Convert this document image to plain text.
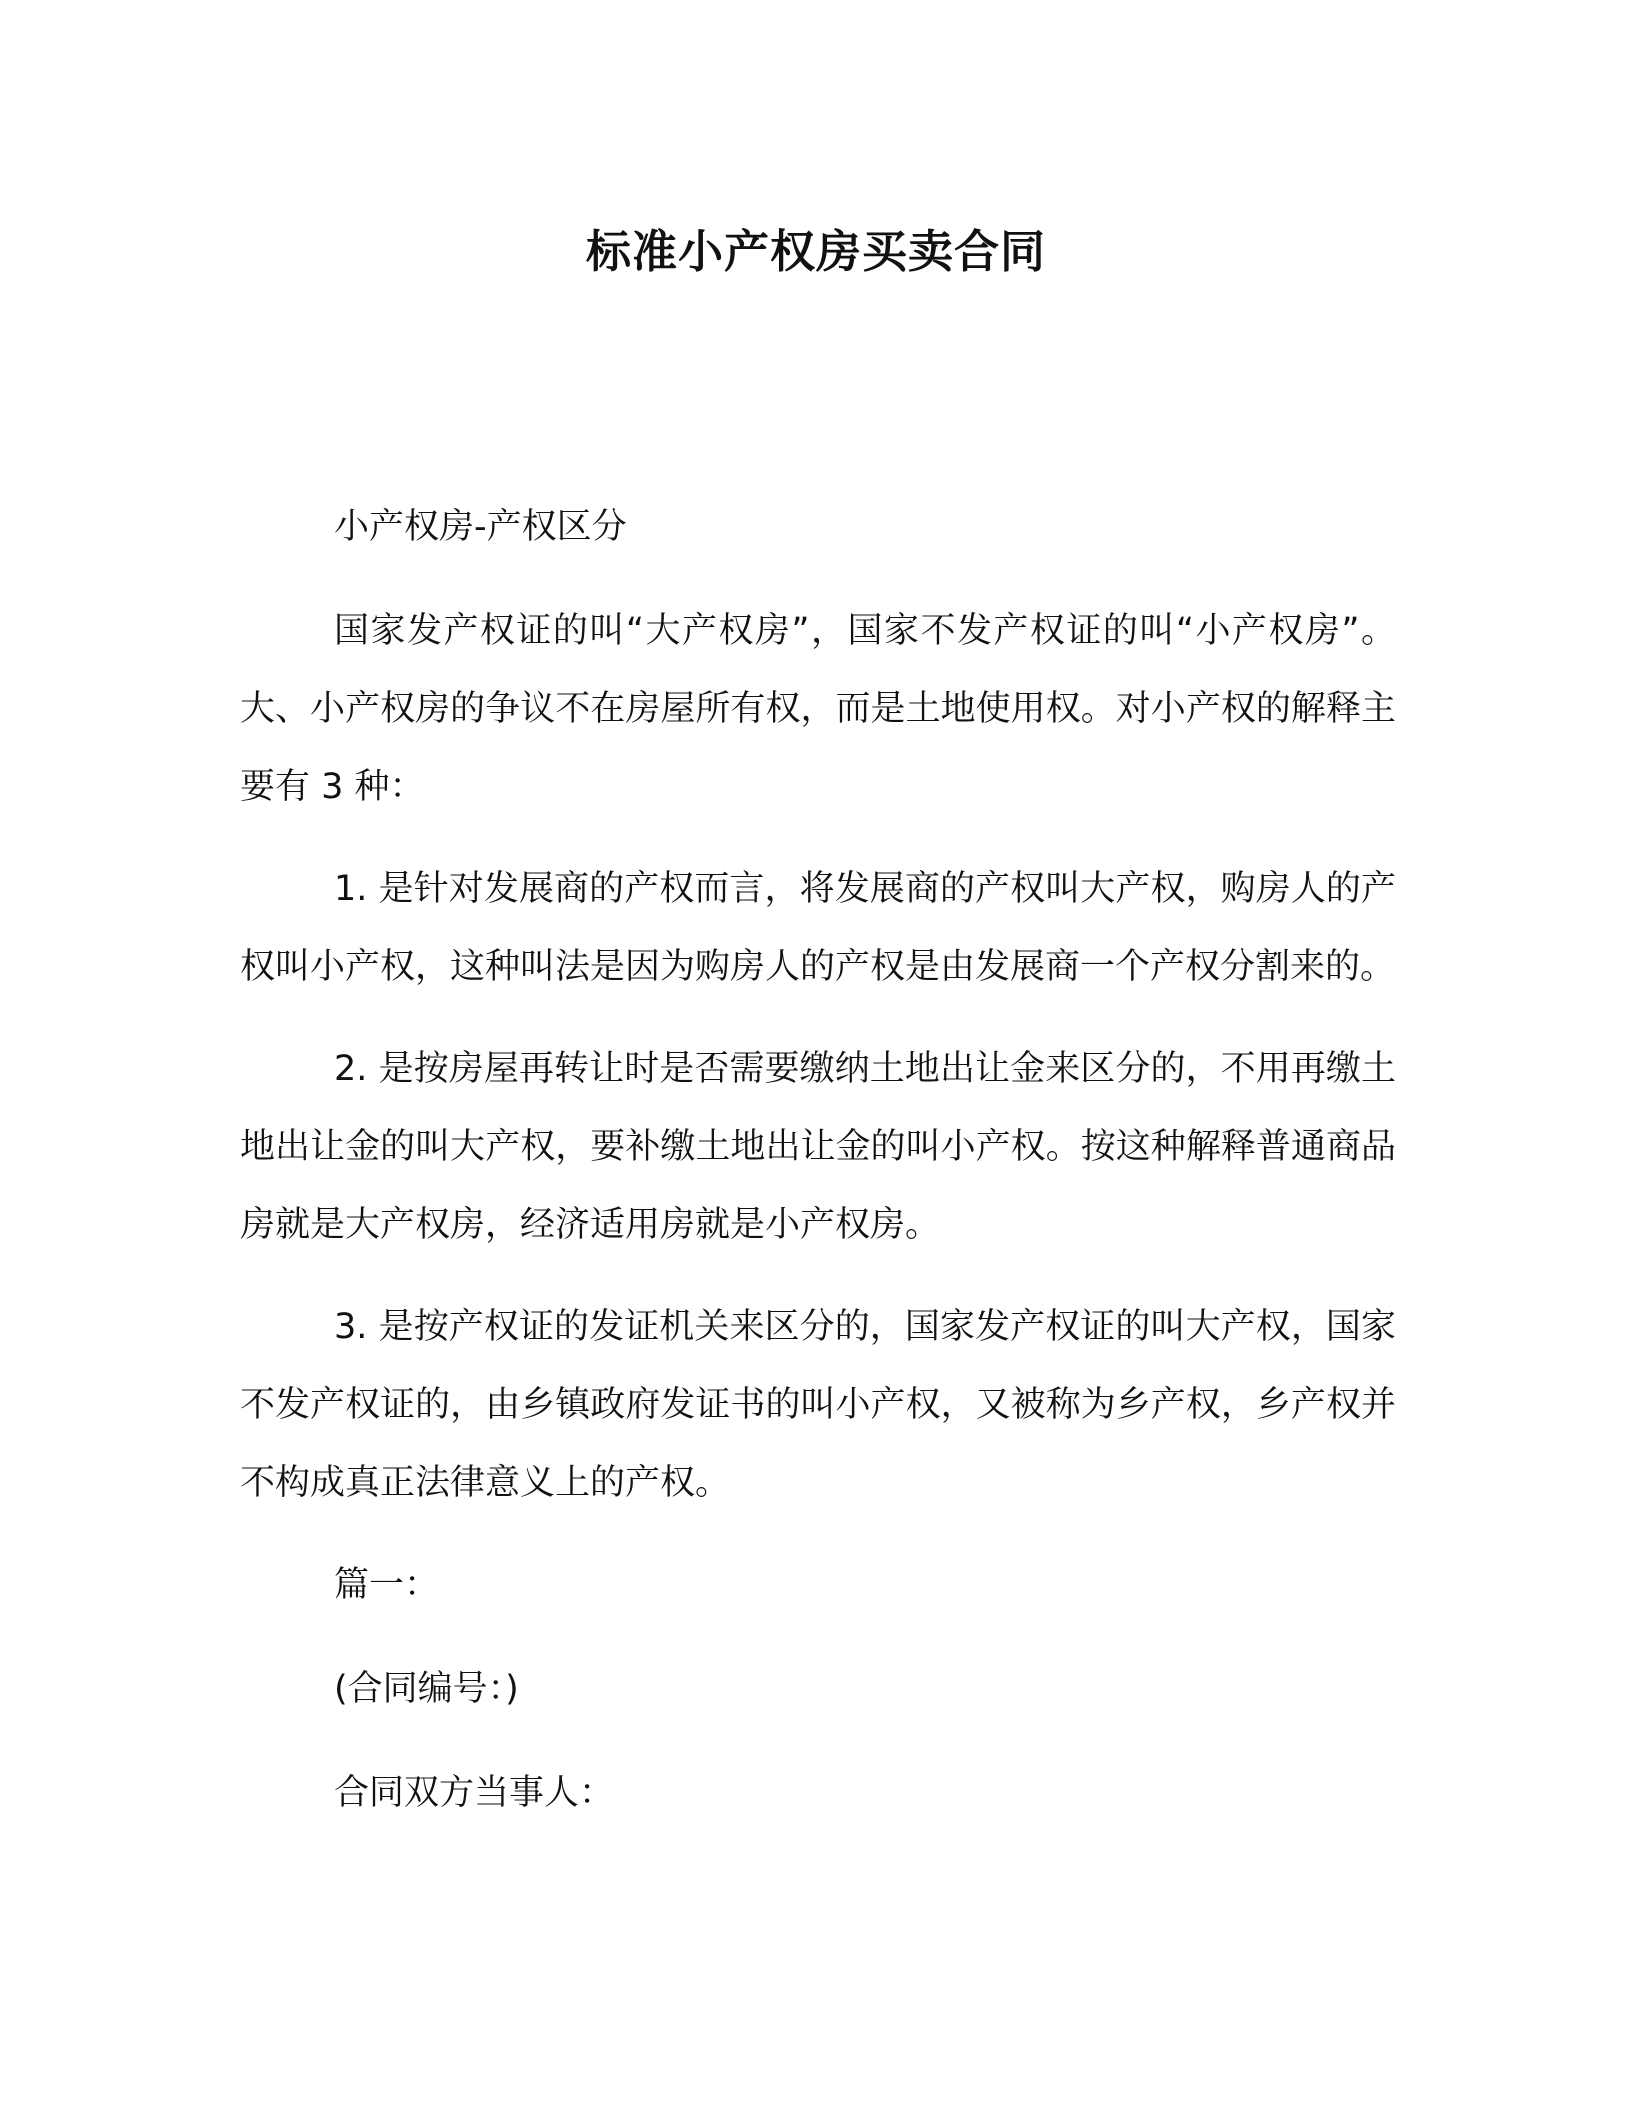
标准小产权房买卖合同

小产权房-产权区分

国家发产权证的叫“大产权房”，国家不发产权证的叫“小产权房”。大、小产权房的争议不在房屋所有权，而是土地使用权。对小产权的解释主要有 3 种：

1. 是针对发展商的产权而言，将发展商的产权叫大产权，购房人的产权叫小产权，这种叫法是因为购房人的产权是由发展商一个产权分割来的。

2. 是按房屋再转让时是否需要缴纳土地出让金来区分的，不用再缴土地出让金的叫大产权，要补缴土地出让金的叫小产权。按这种解释普通商品房就是大产权房，经济适用房就是小产权房。

3. 是按产权证的发证机关来区分的，国家发产权证的叫大产权，国家不发产权证的，由乡镇政府发证书的叫小产权，又被称为乡产权，乡产权并不构成真正法律意义上的产权。

篇一：

(合同编号：)

合同双方当事人：
